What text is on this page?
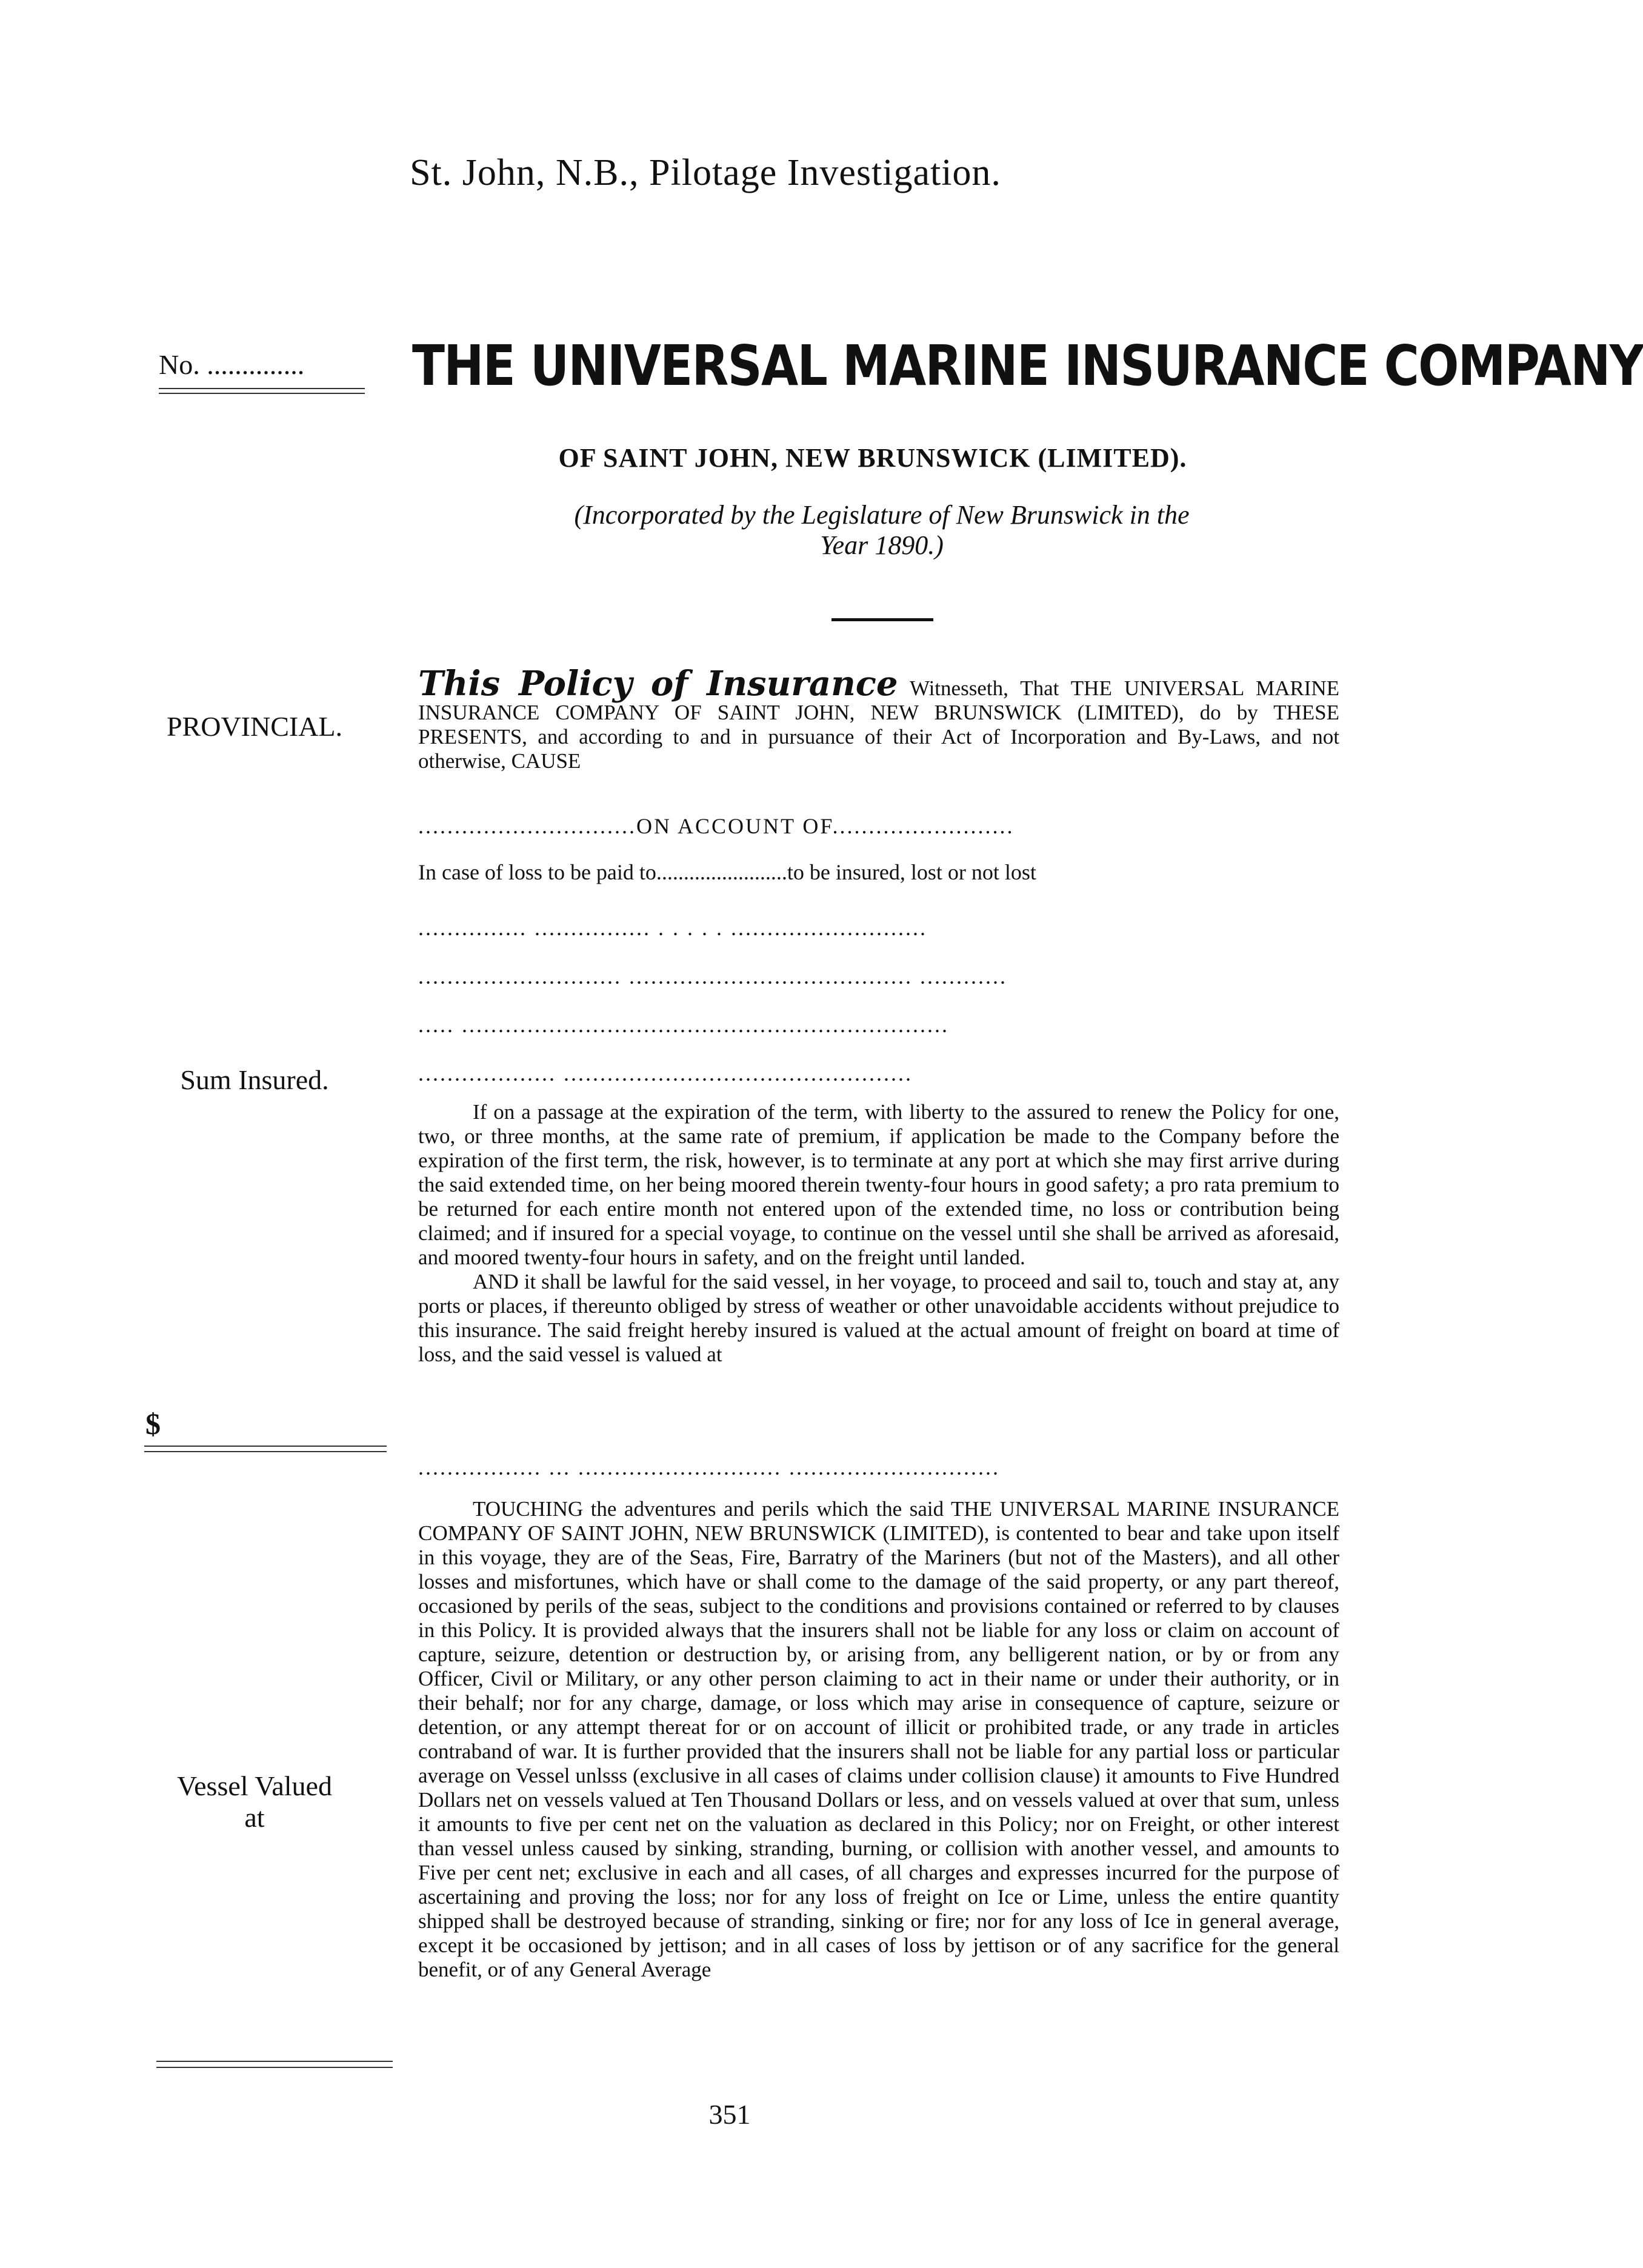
St. John, N.B., Pilotage Investigation.
No. .............. THE UNIVERSAL MARINE INSURANCE COMPANY
OF SAINT JOHN, NEW BRUNSWICK (LIMITED).
(Incorporated by the Legislature of New Brunswick in the
Year 1890.)
PROVINCIAL.
Sum Insured.
$
Vessel Valued
at
This Policy of Insurance Witnesseth, That THE UNIVERSAL MARINE INSURANCE COMPANY OF SAINT JOHN, NEW BRUNSWICK (LIMITED), do by THESE PRESENTS, and according to and in pursuance of their Act of Incorporation and By-Laws, and not otherwise, CAUSE
..............................ON ACCOUNT OF.........................
In case of loss to be paid to........................to be insured, lost or not lost
............... ................ . . . . . ...........................
............................ ....................................... ............
..... ...................................................................
................... ................................................

If on a passage at the expiration of the term, with liberty to the assured to renew the Policy for one, two, or three months, at the same rate of premium, if application be made to the Company before the expiration of the first term, the risk, however, is to terminate at any port at which she may first arrive during the said extended time, on her being moored therein twenty-four hours in good safety; a pro rata premium to be returned for each entire month not entered upon of the extended time, no loss or contribution being claimed; and if insured for a special voyage, to continue on the vessel until she shall be arrived as aforesaid, and moored twenty-four hours in safety, and on the freight until landed.

AND it shall be lawful for the said vessel, in her voyage, to proceed and sail to, touch and stay at, any ports or places, if thereunto obliged by stress of weather or other unavoidable accidents without prejudice to this insurance. The said freight hereby insured is valued at the actual amount of freight on board at time of loss, and the said vessel is valued at

................. ... ............................ .............................

TOUCHING the adventures and perils which the said THE UNIVERSAL MARINE INSURANCE COMPANY OF SAINT JOHN, NEW BRUNSWICK (LIMITED), is contented to bear and take upon itself in this voyage, they are of the Seas, Fire, Barratry of the Mariners (but not of the Masters), and all other losses and misfortunes, which have or shall come to the damage of the said property, or any part thereof, occasioned by perils of the seas, subject to the conditions and provisions contained or referred to by clauses in this Policy. It is provided always that the insurers shall not be liable for any loss or claim on account of capture, seizure, detention or destruction by, or arising from, any belligerent nation, or by or from any Officer, Civil or Military, or any other person claiming to act in their name or under their authority, or in their behalf; nor for any charge, damage, or loss which may arise in consequence of capture, seizure or detention, or any attempt thereat for or on account of illicit or prohibited trade, or any trade in articles contraband of war. It is further provided that the insurers shall not be liable for any partial loss or particular average on Vessel unlsss (exclusive in all cases of claims under collision clause) it amounts to Five Hundred Dollars net on vessels valued at Ten Thousand Dollars or less, and on vessels valued at over that sum, unless it amounts to five per cent net on the valuation as declared in this Policy; nor on Freight, or other interest than vessel unless caused by sinking, stranding, burning, or collision with another vessel, and amounts to Five per cent net; exclusive in each and all cases, of all charges and expresses incurred for the purpose of ascertaining and proving the loss; nor for any loss of freight on Ice or Lime, unless the entire quantity shipped shall be destroyed because of stranding, sinking or fire; nor for any loss of Ice in general average, except it be occasioned by jettison; and in all cases of loss by jettison or of any sacrifice for the general benefit, or of any General Average

351
